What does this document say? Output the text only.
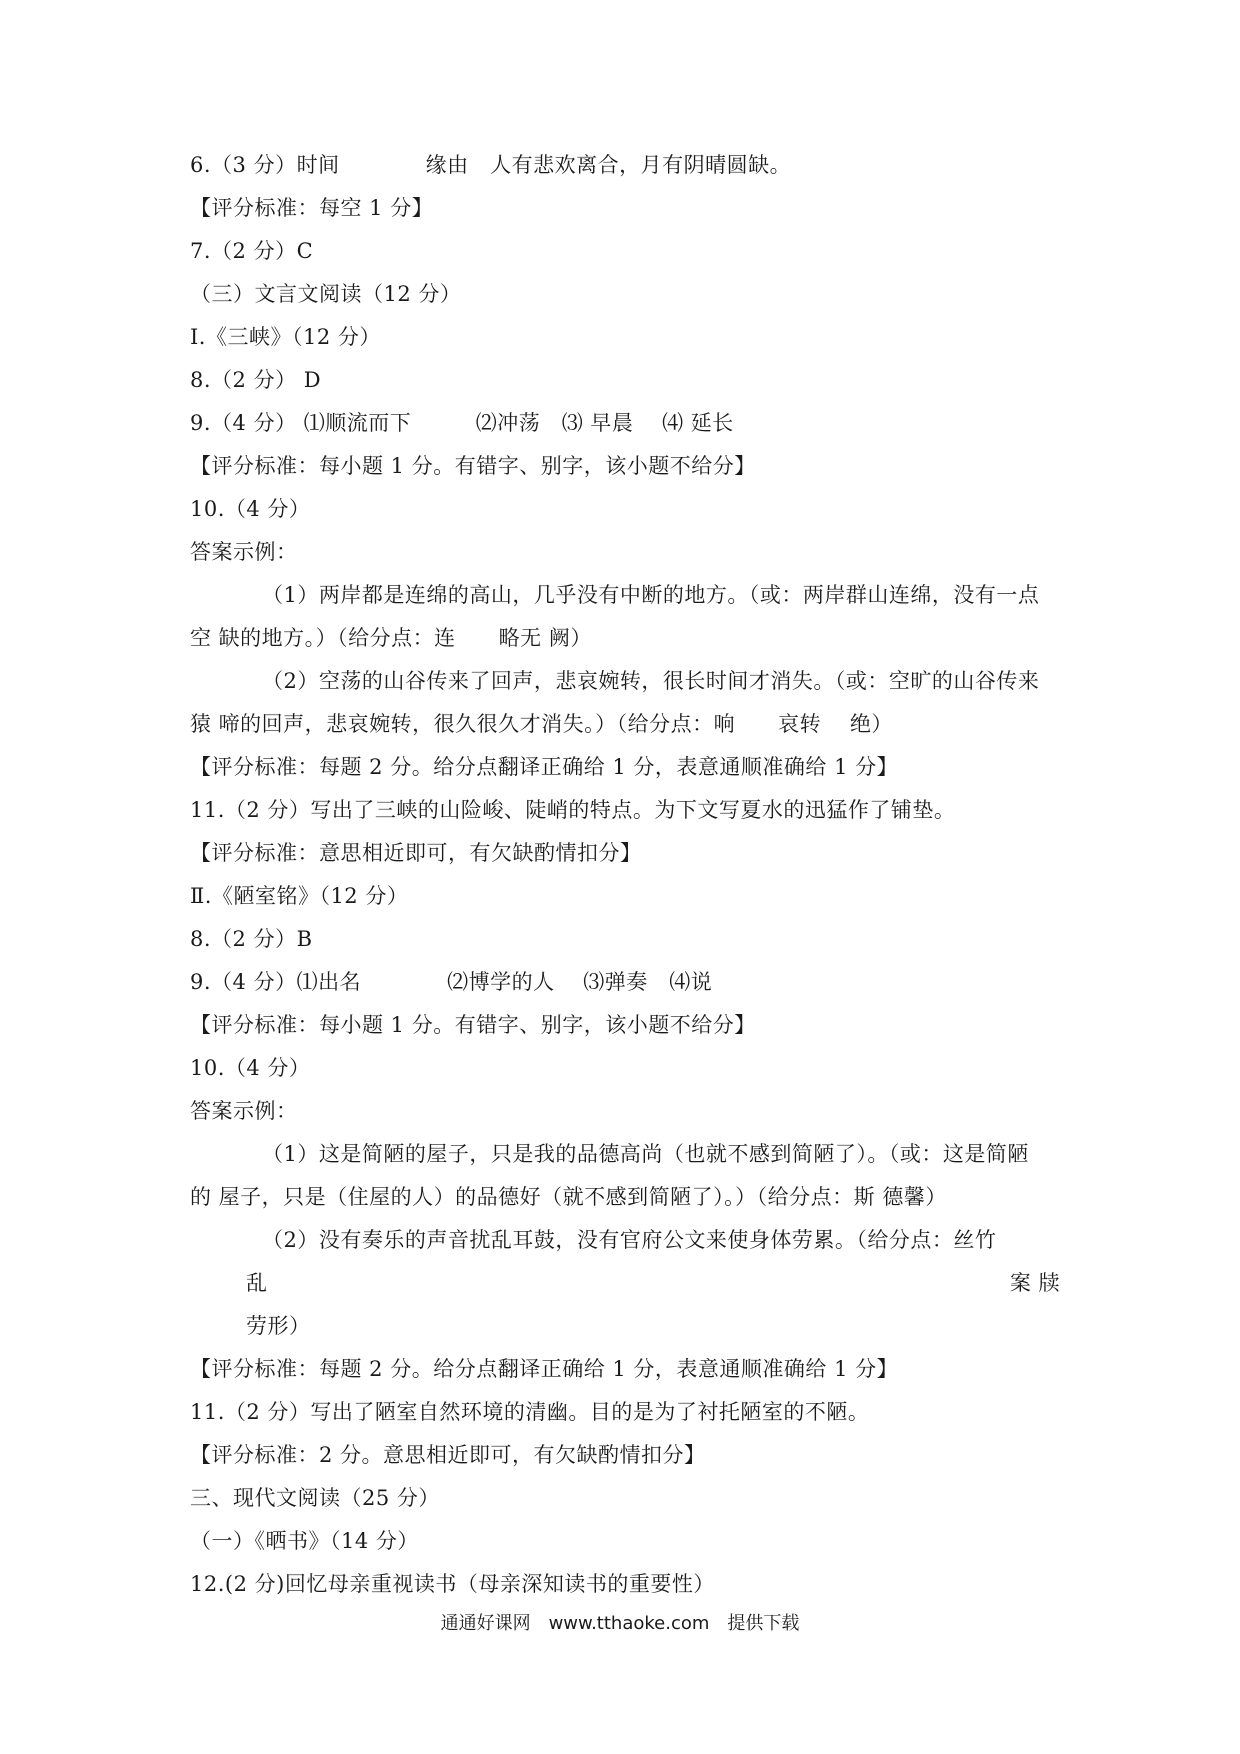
6.（3 分）时间　　　　缘由　人有悲欢离合，月有阴晴圆缺。
【评分标准：每空 1 分】
7.（2 分）C
（三）文言文阅读（12 分）
Ⅰ.《三峡》（12 分）
8.（2 分） D
9.（4 分） ⑴顺流而下　　　⑵冲荡　⑶ 早晨　 ⑷ 延长
【评分标准：每小题 1 分。有错字、别字，该小题不给分】
10.（4 分）
答案示例：
（1）两岸都是连绵的高山，几乎没有中断的地方。（或：两岸群山连绵，没有一点
空 缺的地方。）（给分点：连　　略无 阙）
（2）空荡的山谷传来了回声，悲哀婉转，很长时间才消失。（或：空旷的山谷传来
猿 啼的回声，悲哀婉转，很久很久才消失。）（给分点：响　　哀转　 绝）
【评分标准：每题 2 分。给分点翻译正确给 1 分，表意通顺准确给 1 分】
11.（2 分）写出了三峡的山险峻、陡峭的特点。为下文写夏水的迅猛作了铺垫。
【评分标准：意思相近即可，有欠缺酌情扣分】
Ⅱ.《陋室铭》（12 分）
8.（2 分）B
9.（4 分）⑴出名　　　　⑵博学的人　 ⑶弹奏　⑷说
【评分标准：每小题 1 分。有错字、别字，该小题不给分】
10.（4 分）
答案示例：
（1）这是简陋的屋子，只是我的品德高尚（也就不感到简陋了）。（或：这是简陋
的 屋子，只是（住屋的人）的品德好（就不感到简陋了）。）（给分点：斯 德馨）
（2）没有奏乐的声音扰乱耳鼓，没有官府公文来使身体劳累。（给分点：丝竹
乱	案 牍
劳形）
【评分标准：每题 2 分。给分点翻译正确给 1 分，表意通顺准确给 1 分】
11.（2 分）写出了陋室自然环境的清幽。目的是为了衬托陋室的不陋。
【评分标准：2 分。意思相近即可，有欠缺酌情扣分】
三、现代文阅读（25 分）
（一）《晒书》（14 分）
12.(2 分)回忆母亲重视读书（母亲深知读书的重要性）
通通好课网　www.tthaoke.com　提供下载
